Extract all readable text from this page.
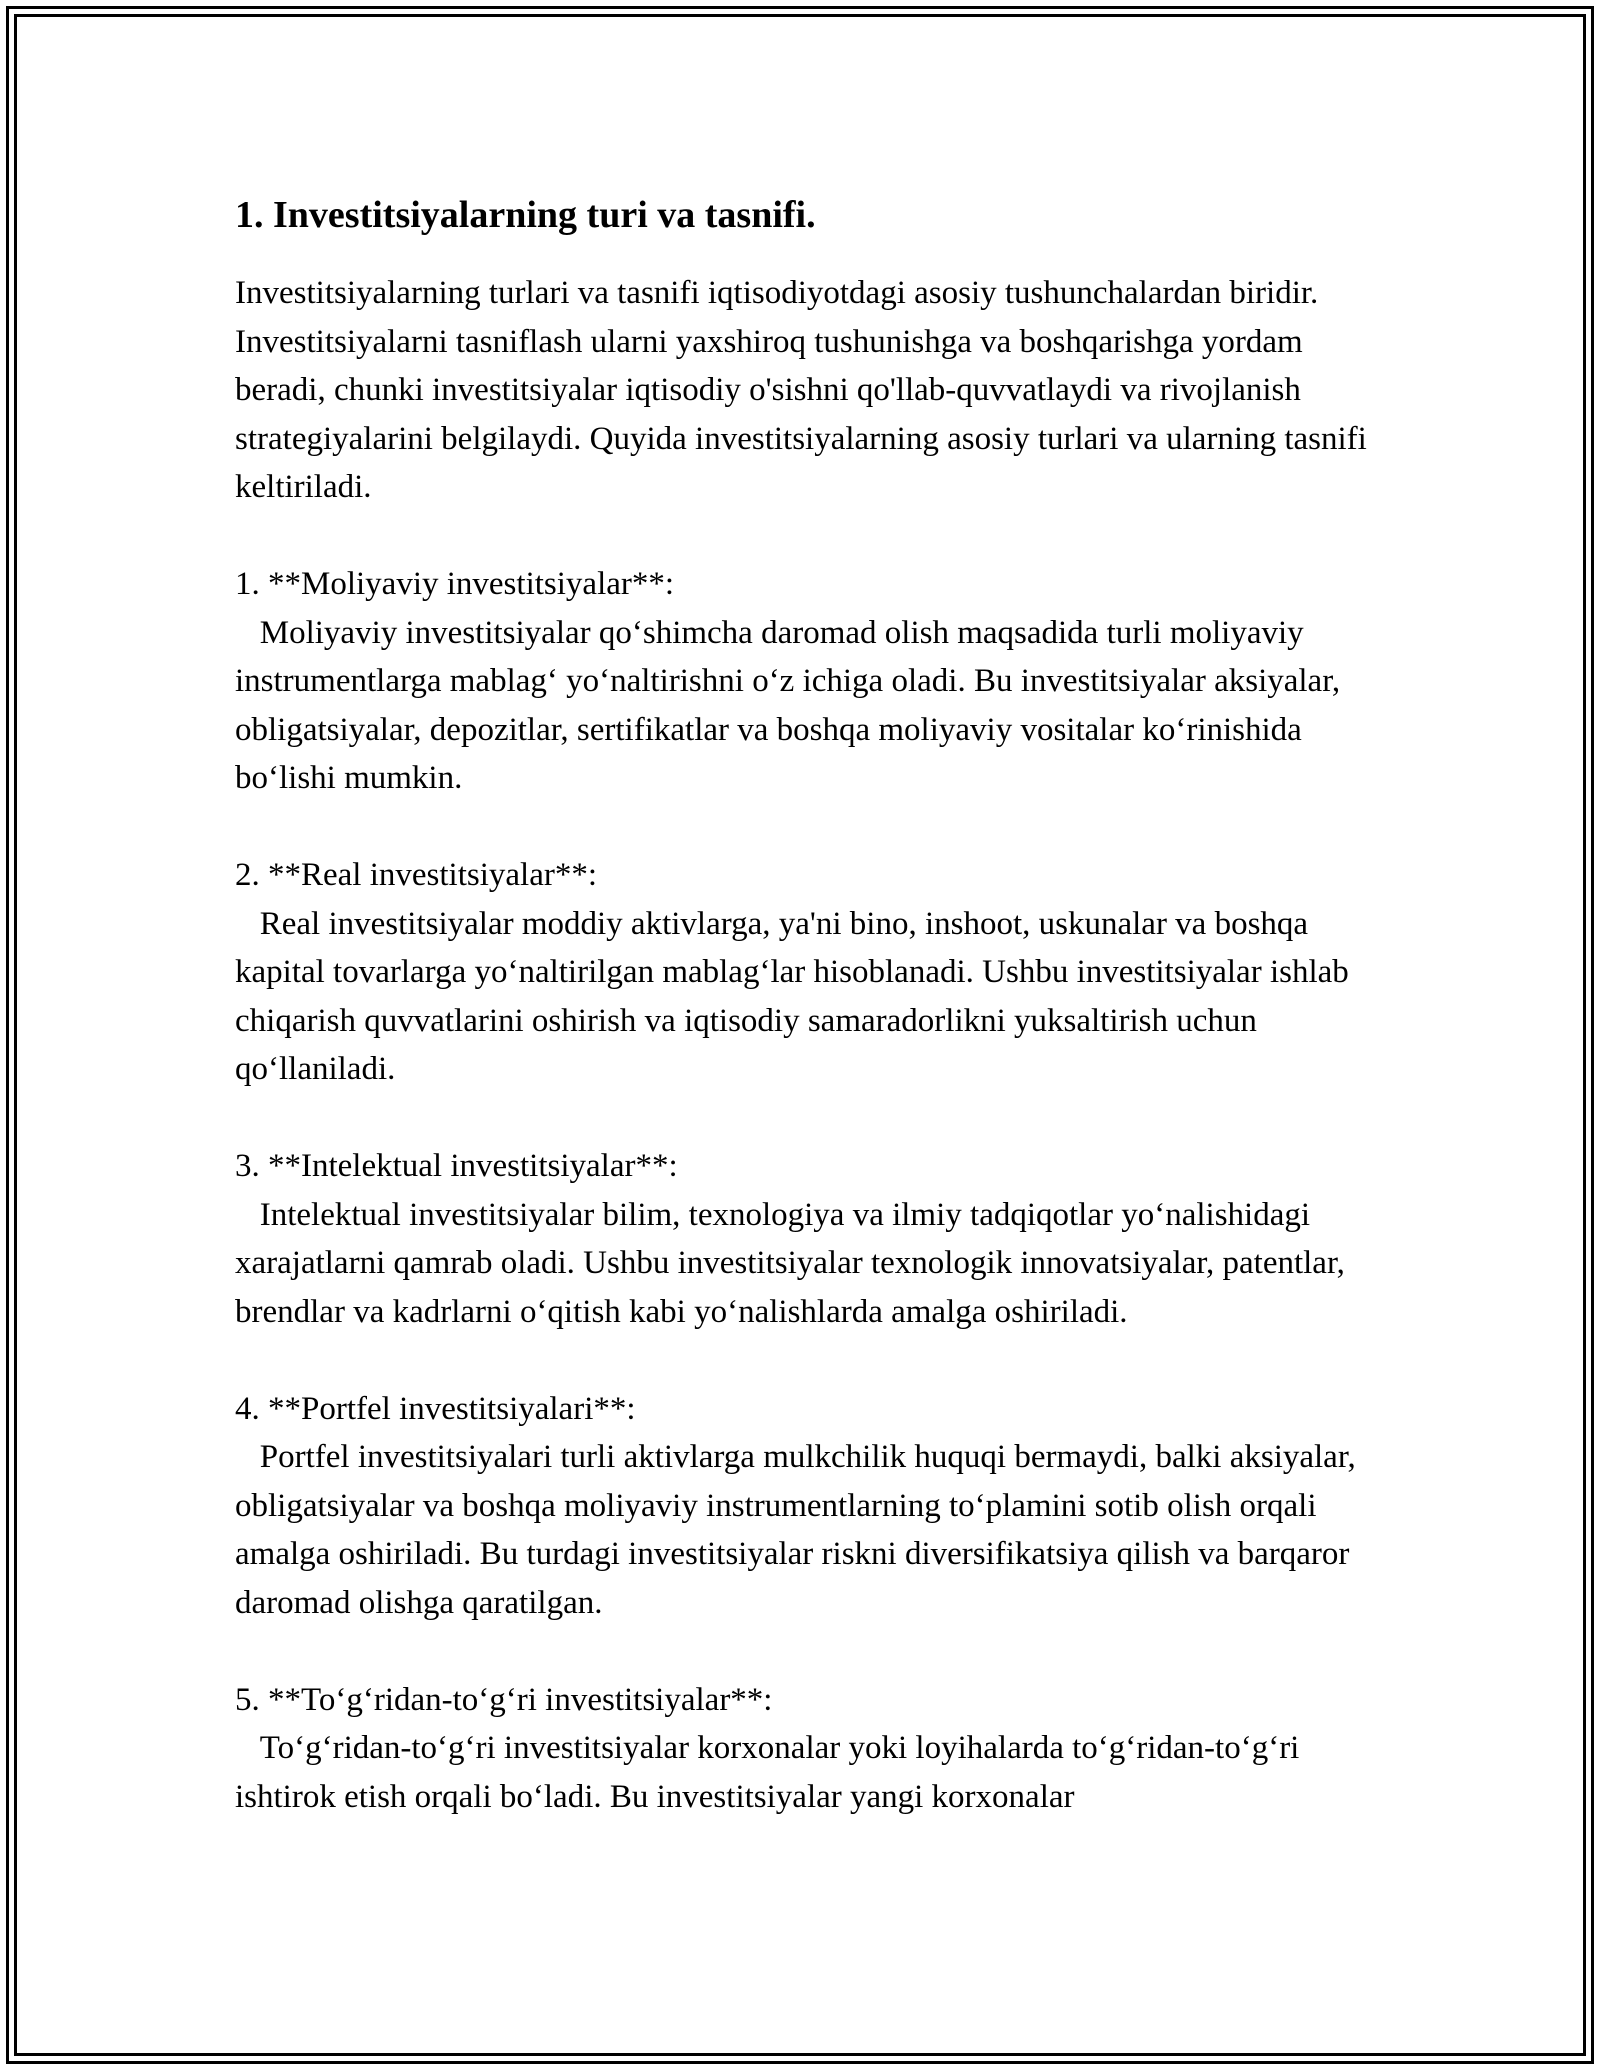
1. Investitsiyalarning turi va tasnifi.

Investitsiyalarning turlari va tasnifi iqtisodiyotdagi asosiy tushunchalardan biridir. Investitsiyalarni tasniflash ularni yaxshiroq tushunishga va boshqarishga yordam beradi, chunki investitsiyalar iqtisodiy o'sishni qo'llab-quvvatlaydi va rivojlanish strategiyalarini belgilaydi. Quyida investitsiyalarning asosiy turlari va ularning tasnifi keltiriladi.

1. **Moliyaviy investitsiyalar**:

Moliyaviy investitsiyalar qo‘shimcha daromad olish maqsadida turli moliyaviy instrumentlarga mablag‘ yo‘naltirishni o‘z ichiga oladi. Bu investitsiyalar aksiyalar, obligatsiyalar, depozitlar, sertifikatlar va boshqa moliyaviy vositalar ko‘rinishida bo‘lishi mumkin.

2. **Real investitsiyalar**:

Real investitsiyalar moddiy aktivlarga, ya'ni bino, inshoot, uskunalar va boshqa kapital tovarlarga yo‘naltirilgan mablag‘lar hisoblanadi. Ushbu investitsiyalar ishlab chiqarish quvvatlarini oshirish va iqtisodiy samaradorlikni yuksaltirish uchun qo‘llaniladi.

3. **Intelektual investitsiyalar**:

Intelektual investitsiyalar bilim, texnologiya va ilmiy tadqiqotlar yo‘nalishidagi xarajatlarni qamrab oladi. Ushbu investitsiyalar texnologik innovatsiyalar, patentlar, brendlar va kadrlarni o‘qitish kabi yo‘nalishlarda amalga oshiriladi.

4. **Portfel investitsiyalari**:

Portfel investitsiyalari turli aktivlarga mulkchilik huquqi bermaydi, balki aksiyalar, obligatsiyalar va boshqa moliyaviy instrumentlarning to‘plamini sotib olish orqali amalga oshiriladi. Bu turdagi investitsiyalar riskni diversifikatsiya qilish va barqaror daromad olishga qaratilgan.

5. **To‘g‘ridan-to‘g‘ri investitsiyalar**:

To‘g‘ridan-to‘g‘ri investitsiyalar korxonalar yoki loyihalarda to‘g‘ridan-to‘g‘ri ishtirok etish orqali bo‘ladi. Bu investitsiyalar yangi korxonalar
